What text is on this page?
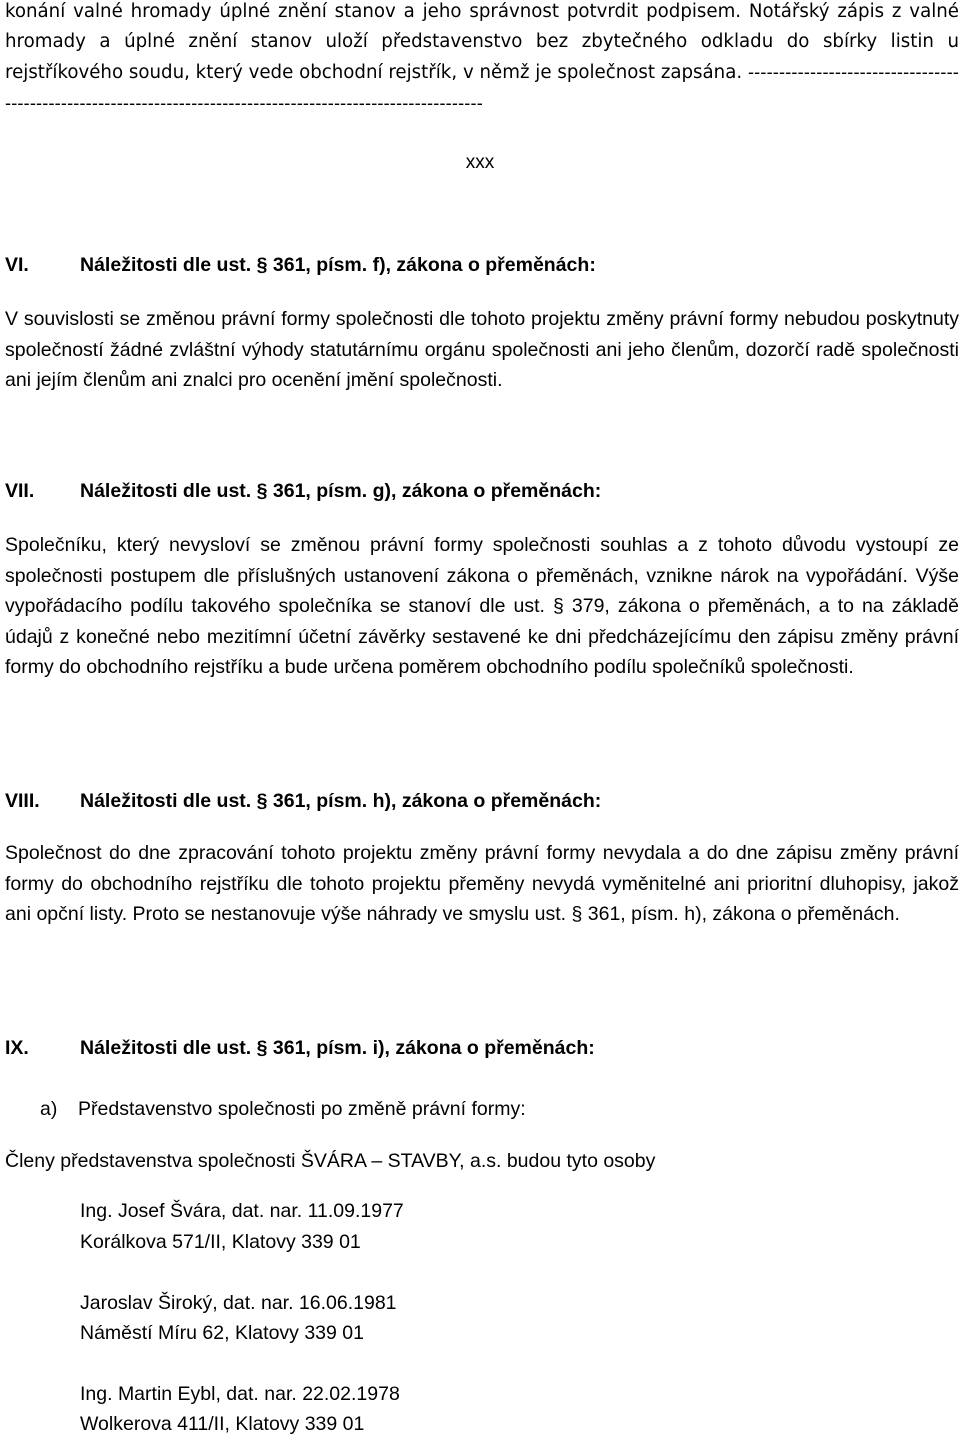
konání valné hromady úplné znění stanov a jeho správnost potvrdit podpisem. Notářský zápis z valné hromady a úplné znění stanov uloží představenstvo bez zbytečného odkladu do sbírky listin u rejstříkového soudu, který vede obchodní rejstřík, v němž je společnost zapsána. ---------------------------------------------------------------------------------------------------------------

xxx

VI.	Náležitosti dle ust. § 361, písm. f), zákona o přeměnách:

V souvislosti se změnou právní formy společnosti dle tohoto projektu změny právní formy nebudou poskytnuty společností žádné zvláštní výhody statutárnímu orgánu společnosti ani jeho členům, dozorčí radě společnosti ani jejím členům ani znalci pro ocenění jmění společnosti.

VII. Náležitosti dle ust. § 361, písm. g), zákona o přeměnách:

Společníku, který nevysloví se změnou právní formy společnosti souhlas a z tohoto důvodu vystoupí ze společnosti postupem dle příslušných ustanovení zákona o přeměnách, vznikne nárok na vypořádání. Výše vypořádacího podílu takového společníka se stanoví dle ust. § 379, zákona o přeměnách, a to na základě údajů z konečné nebo mezitímní účetní závěrky sestavené ke dni předcházejícímu den zápisu změny právní formy do obchodního rejstříku a bude určena poměrem obchodního podílu společníků společnosti.

VIII. Náležitosti dle ust. § 361, písm. h), zákona o přeměnách:

Společnost do dne zpracování tohoto projektu změny právní formy nevydala a do dne zápisu změny právní formy do obchodního rejstříku dle tohoto projektu přeměny nevydá vyměnitelné ani prioritní dluhopisy, jakož ani opční listy. Proto se nestanovuje výše náhrady ve smyslu ust. § 361, písm. h), zákona o přeměnách.

IX.	Náležitosti dle ust. § 361, písm. i), zákona o přeměnách:

a) Představenstvo společnosti po změně právní formy:

Členy představenstva společnosti ŠVÁRA – STAVBY, a.s. budou tyto osoby

Ing. Josef Švára, dat. nar. 11.09.1977

Korálkova 571/II, Klatovy 339 01

Jaroslav Široký, dat. nar. 16.06.1981

Náměstí Míru 62, Klatovy 339 01

Ing. Martin Eybl, dat. nar. 22.02.1978

Wolkerova 411/II, Klatovy 339 01
